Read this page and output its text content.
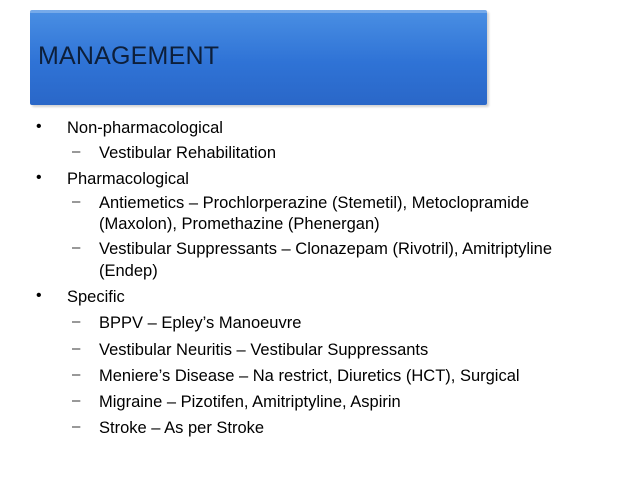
MANAGEMENT
• Non-pharmacological
– Vestibular Rehabilitation
• Pharmacological
– Antiemetics – Prochlorperazine (Stemetil), Metoclopramide
(Maxolon), Promethazine (Phenergan)
– Vestibular Suppressants – Clonazepam (Rivotril), Amitriptyline
(Endep)
• Specific
– BPPV – Epley’s Manoeuvre
– Vestibular Neuritis – Vestibular Suppressants
– Meniere’s Disease – Na restrict, Diuretics (HCT), Surgical
– Migraine – Pizotifen, Amitriptyline, Aspirin
– Stroke – As per Stroke
